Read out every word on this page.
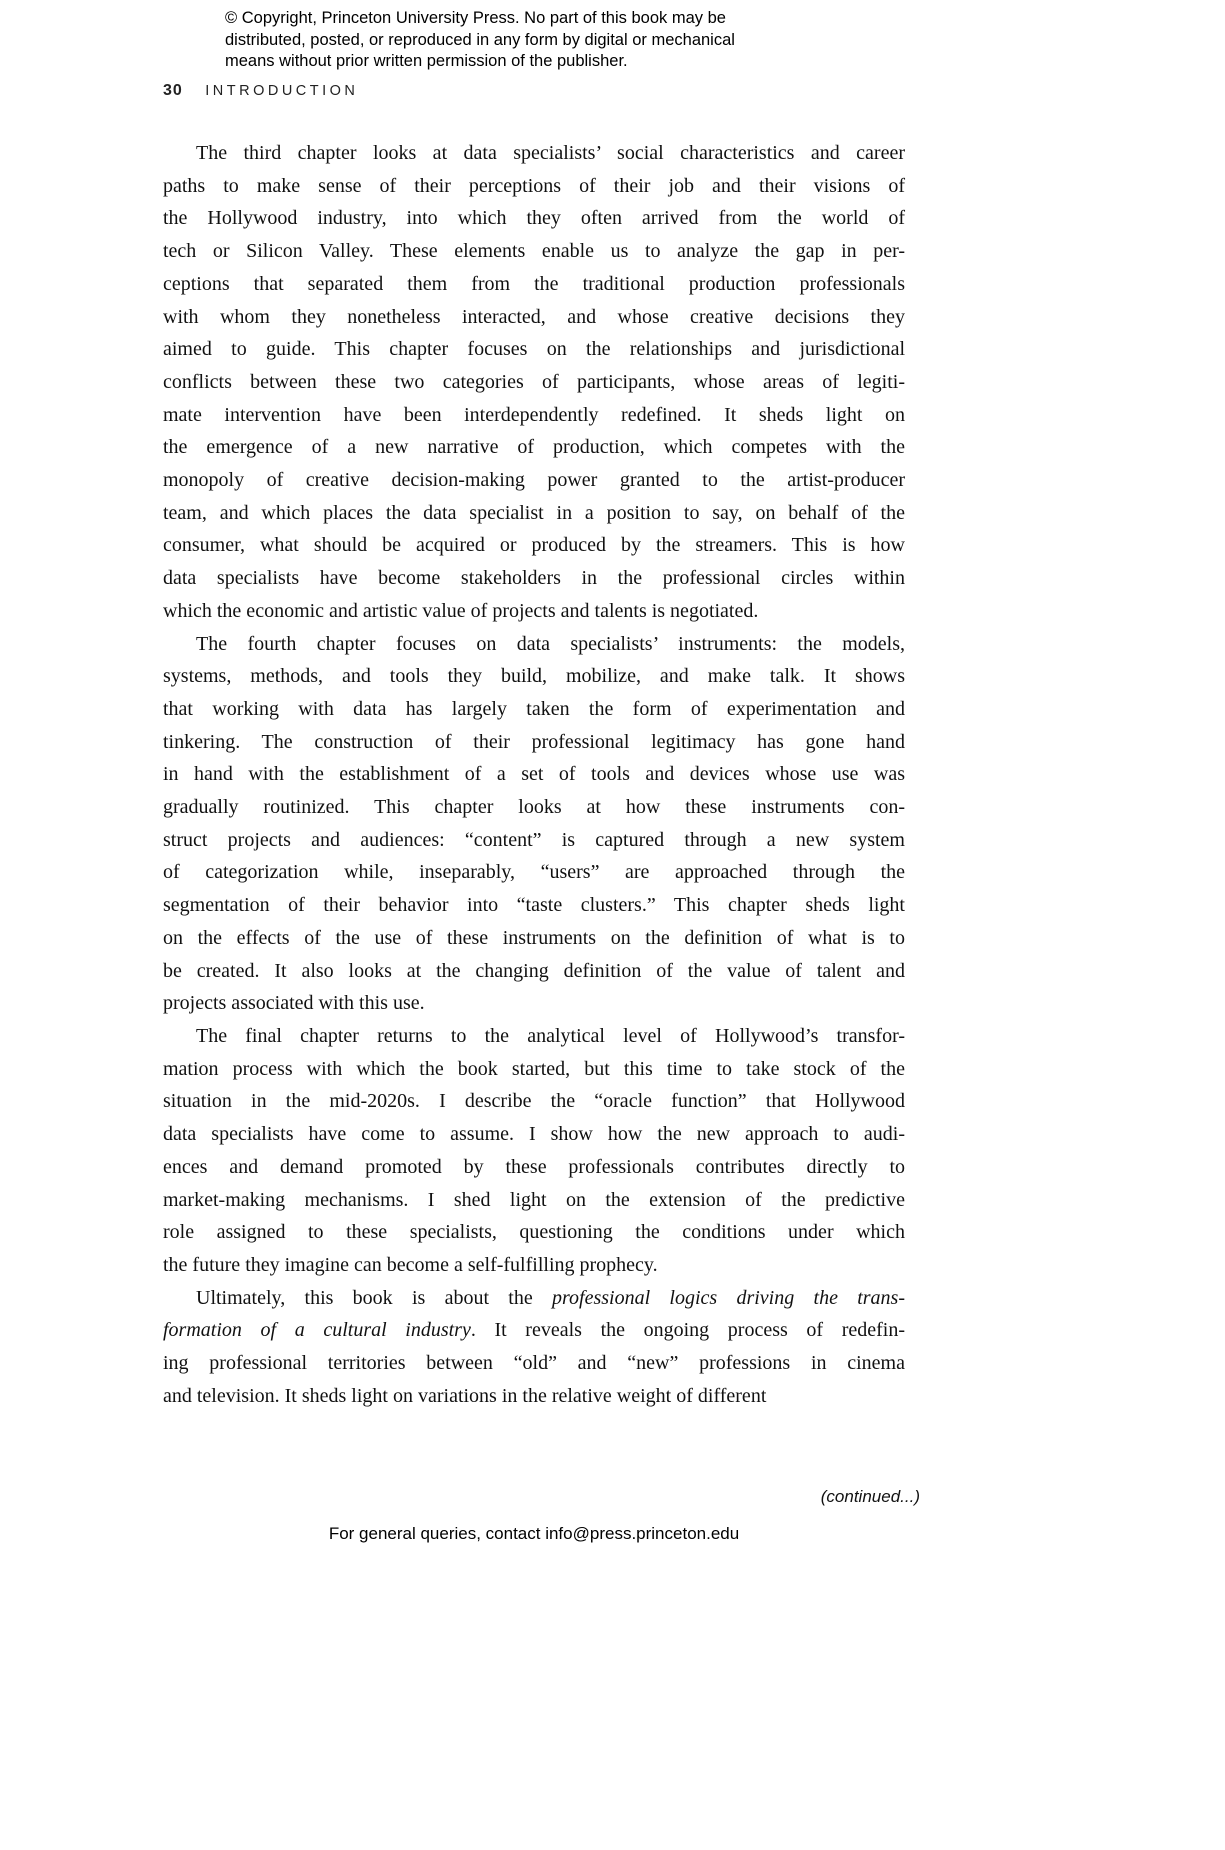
© Copyright, Princeton University Press. No part of this book may be
distributed, posted, or reproduced in any form by digital or mechanical
means without prior written permission of the publisher.
30 INTRODUCTION
The third chapter looks at data specialists’ social characteristics and career
paths to make sense of their perceptions of their job and their visions of
the Hollywood industry, into which they often arrived from the world of
tech or Silicon Valley. These elements enable us to analyze the gap in per-
ceptions that separated them from the traditional production professionals
with whom they nonetheless interacted, and whose creative decisions they
aimed to guide. This chapter focuses on the relationships and jurisdictional
conflicts between these two categories of participants, whose areas of legiti-
mate intervention have been interdependently redefined. It sheds light on
the emergence of a new narrative of production, which competes with the
monopoly of creative decision-making power granted to the artist-producer
team, and which places the data specialist in a position to say, on behalf of the
consumer, what should be acquired or produced by the streamers. This is how
data specialists have become stakeholders in the professional circles within
which the economic and artistic value of projects and talents is negotiated.
The fourth chapter focuses on data specialists’ instruments: the models,
systems, methods, and tools they build, mobilize, and make talk. It shows
that working with data has largely taken the form of experimentation and
tinkering. The construction of their professional legitimacy has gone hand
in hand with the establishment of a set of tools and devices whose use was
gradually routinized. This chapter looks at how these instruments con-
struct projects and audiences: “content” is captured through a new system
of categorization while, inseparably, “users” are approached through the
segmentation of their behavior into “taste clusters.” This chapter sheds light
on the effects of the use of these instruments on the definition of what is to
be created. It also looks at the changing definition of the value of talent and
projects associated with this use.
The final chapter returns to the analytical level of Hollywood’s transfor-
mation process with which the book started, but this time to take stock of the
situation in the mid-2020s. I describe the “oracle function” that Hollywood
data specialists have come to assume. I show how the new approach to audi-
ences and demand promoted by these professionals contributes directly to
market-making mechanisms. I shed light on the extension of the predictive
role assigned to these specialists, questioning the conditions under which
the future they imagine can become a self-fulfilling prophecy.
Ultimately, this book is about the professional logics driving the trans-
formation of a cultural industry. It reveals the ongoing process of redefin-
ing professional territories between “old” and “new” professions in cinema
and television. It sheds light on variations in the relative weight of different
(continued...)
For general queries, contact info@press.princeton.edu
